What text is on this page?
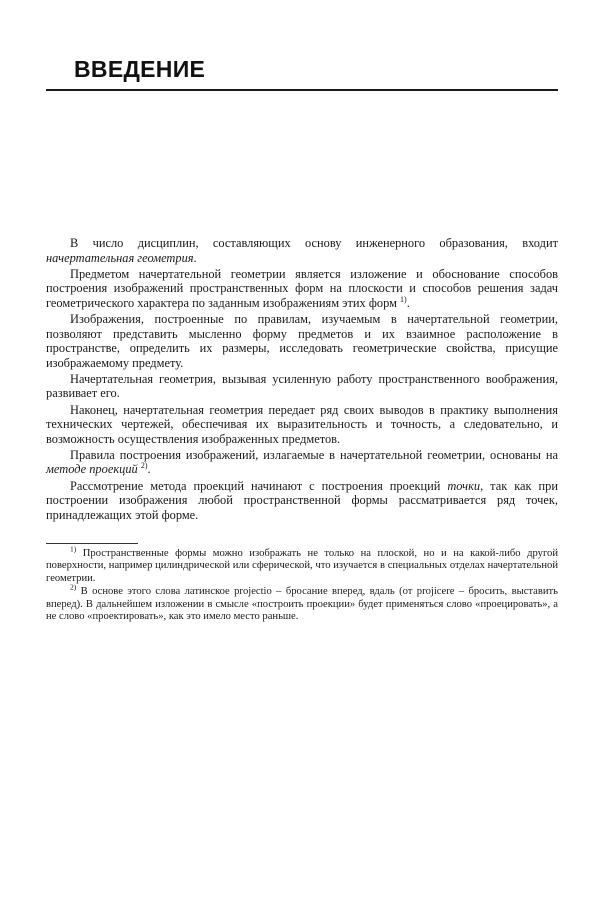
ВВЕДЕНИЕ

В число дисциплин, составляющих основу инженерного образования, входит начертательная геометрия.

Предметом начертательной геометрии является изложение и обоснование способов построения изображений пространственных форм на плоскости и способов решения задач геометрического характера по заданным изображениям этих форм $^{1)}$.

Изображения, построенные по правилам, изучаемым в начертательной геометрии, позволяют представить мысленно форму предметов и их взаимное расположение в пространстве, определить их размеры, исследовать геометрические свойства, присущие изображаемому предмету.

Начертательная геометрия, вызывая усиленную работу пространственного воображения, развивает его.

Наконец, начертательная геометрия передает ряд своих выводов в практику выполнения технических чертежей, обеспечивая их выразительность и точность, а следовательно, и возможность осуществления изображенных предметов.

Правила построения изображений, излагаемые в начертательной геометрии, основаны на методе проекций $^{2)}$.

Рассмотрение метода проекций начинают с построения проекций точки, так как при построении изображения любой пространственной формы рассматривается ряд точек, принадлежащих этой форме.

$^{1)}$ Пространственные формы можно изображать не только на плоской, но и на какой-либо другой поверхности, например цилиндрической или сферической, что изучается в специальных отделах начертательной геометрии.

$^{2)}$ В основе этого слова латинское projectio – бросание вперед, вдаль (от projicere – бросить, выставить вперед). В дальнейшем изложении в смысле «построить проекции» будет применяться слово «проецировать», а не слово «проектировать», как это имело место раньше.
